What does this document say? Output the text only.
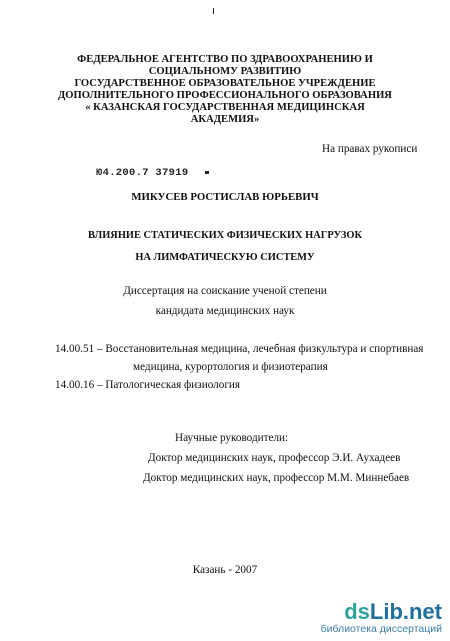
ФЕДЕРАЛЬНОЕ АГЕНТСТВО ПО ЗДРАВООХРАНЕНИЮ И
СОЦИАЛЬНОМУ РАЗВИТИЮ
ГОСУДАРСТВЕННОЕ ОБРАЗОВАТЕЛЬНОЕ УЧРЕЖДЕНИЕ
ДОПОЛНИТЕЛЬНОГО ПРОФЕССИОНАЛЬНОГО ОБРАЗОВАНИЯ
« КАЗАНСКАЯ ГОСУДАРСТВЕННАЯ МЕДИЦИНСКАЯ
АКАДЕМИЯ»
На правах рукописи
Ю4.200.7 37919
МИКУСЕВ РОСТИСЛАВ ЮРЬЕВИЧ
ВЛИЯНИЕ СТАТИЧЕСКИХ ФИЗИЧЕСКИХ НАГРУЗОК
НА ЛИМФАТИЧЕСКУЮ СИСТЕМУ
Диссертация на соискание ученой степени
кандидата медицинских наук
14.00.51 – Восстановительная медицина, лечебная физкультура и спортивная
медицина, курортология и физиотерапия
14.00.16 – Патологическая физиология
Научные руководители:
Доктор медицинских наук, профессор Э.И. Аухадеев
Доктор медицинских наук, профессор М.М. Миннебаев
Казань - 2007
dsLib.net
библиотека диссертаций
